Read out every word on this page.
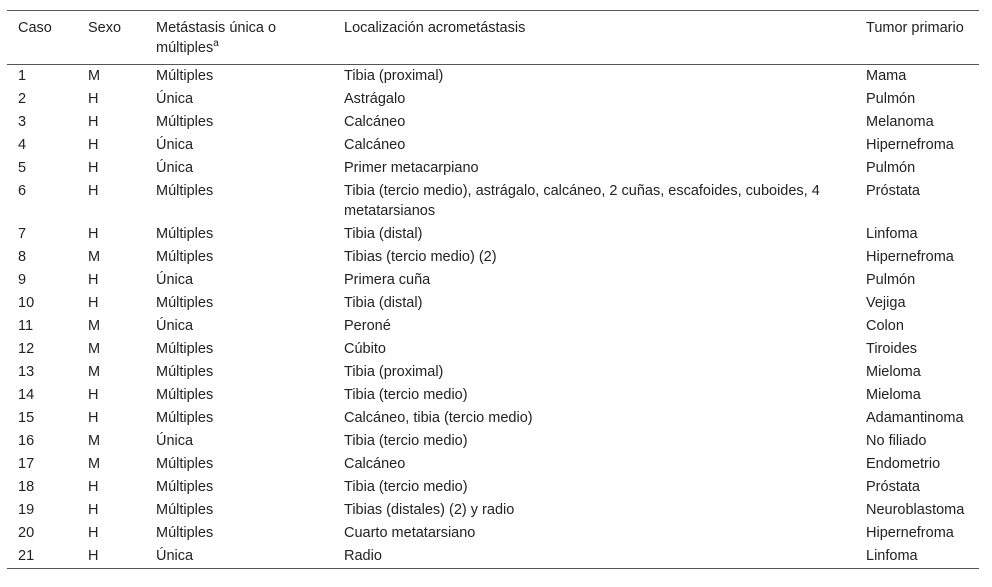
Caso	Sexo	Metástasis única o múltiples$^a$	Localización acrometástasis	Tumor primario
1	M	Múltiples	Tibia (proximal)	Mama
2	H	Única	Astrágalo	Pulmón
3	H	Múltiples	Calcáneo	Melanoma
4	H	Única	Calcáneo	Hipernefroma
5	H	Única	Primer metacarpiano	Pulmón
6	H	Múltiples	Tibia (tercio medio), astrágalo, calcáneo, 2 cuñas, escafoides, cuboides, 4 metatarsianos	Próstata
7	H	Múltiples	Tibia (distal)	Linfoma
8	M	Múltiples	Tibias (tercio medio) (2)	Hipernefroma
9	H	Única	Primera cuña	Pulmón
10	H	Múltiples	Tibia (distal)	Vejiga
11	M	Única	Peroné	Colon
12	M	Múltiples	Cúbito	Tiroides
13	M	Múltiples	Tibia (proximal)	Mieloma
14	H	Múltiples	Tibia (tercio medio)	Mieloma
15	H	Múltiples	Calcáneo, tibia (tercio medio)	Adamantinoma
16	M	Única	Tibia (tercio medio)	No filiado
17	M	Múltiples	Calcáneo	Endometrio
18	H	Múltiples	Tibia (tercio medio)	Próstata
19	H	Múltiples	Tibias (distales) (2) y radio	Neuroblastoma
20	H	Múltiples	Cuarto metatarsiano	Hipernefroma
21	H	Única	Radio	Linfoma
